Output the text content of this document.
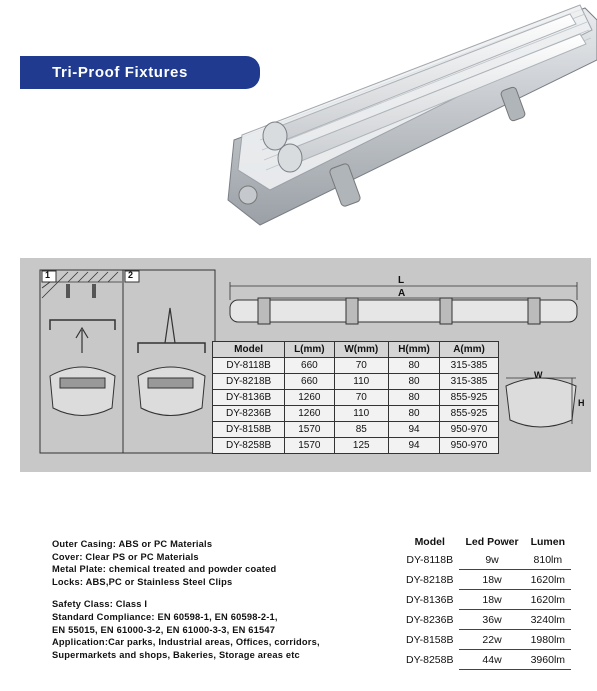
Tri-Proof Fixtures
1	2	L
A
W
H
Model	L(mm)	W(mm)	H(mm)	A(mm)
DY-8118B	660	70	80	315-385
DY-8218B	660	110	80	315-385
DY-8136B	1260	70	80	855-925
DY-8236B	1260	110	80	855-925
DY-8158B	1570	85	94	950-970
DY-8258B	1570	125	94	950-970

Outer Casing: ABS or PC Materials

Cover: Clear PS or PC Materials

Metal Plate: chemical treated and powder coated

Locks: ABS,PC or Stainless Steel Clips

Safety Class: Class I

Standard Compliance: EN 60598-1, EN 60598-2-1,

EN 55015, EN 61000-3-2, EN 61000-3-3, EN 61547

Application:Car parks, Industrial areas, Offices, corridors,

Supermarkets and shops, Bakeries, Storage areas etc

Model	Led Power	Lumen
DY-8118B	9w	810lm
DY-8218B	18w	1620lm
DY-8136B	18w	1620lm
DY-8236B	36w	3240lm
DY-8158B	22w	1980lm
DY-8258B	44w	3960lm
